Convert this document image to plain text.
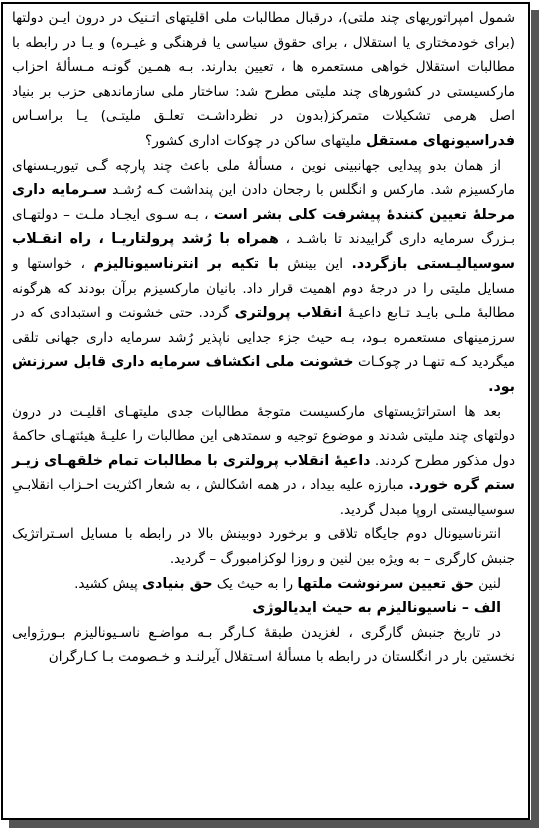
شمول امپراتوریهای چند ملتی)، درقبال مطالبات ملی اقلیتهای اتـنیک در درون ایـن دولتها (برای خودمختاری یا استقلال ، برای حقوق سیاسی یا فرهنگی و غیـره) و یـا در رابطه با مطالبات استقلال خواهی مستعمره ها ، تعیین بدارند. بـه همـین گونـه مـسألهٔ احزاب مارکسیستی در کشورهای چند ملیتی مطرح شد: ساختار ملی سازماندهی حزب بر بنیاد اصل هرمی تشکیلات متمرکز(بدون در نظرداشـت تعلـق ملیتـی) یـا براسـاس فدراسیونهای مستقل ملیتهای ساکن در چوکات اداری کشور؟

از همان بدو پیدایی جهانبینی نوین ، مسألهٔ ملی باعث چند پارچه گـی تیوریـسنهای مارکسیزم شد. مارکس و انگلس با رجحان دادن این پنداشت کـه رُشـد سـرمایه داری مرحلهٔ تعیین کنندهٔ پیشرفت کلی بشر است ، بـه سـوی ایجـاد ملـت – دولتهـای بـزرگ سرمایه داری گراییدند تا باشـد ، همراه با رُشد پرولتاریـا ، راه انقـلاب سوسیالیـستی بازگردد. این بینش با تکیه بر انترناسیونالیزم ، خواستها و مسایل ملیتی را در درجهٔ دوم اهمیت قرار داد. بانیان مارکسیزم برآن بودند که هرگونه مطالبهٔ ملـی بایـد تـابع داعیـهٔ انقلاب پرولتری گردد. حتی خشونت و استبدادی که در سرزمینهای مستعمره بـود، بـه حیث جزء جدایی ناپذیر رُشد سرمایه داری جهانی تلقی میگردید کـه تنهـا در چوکـات خشونت ملی انکشاف سرمایه داری قابل سرزنش بود.

بعد ها استراتژیستهای مارکسیست متوجهٔ مطالبات جدی ملیتهـای اقلیـت در درون دولتهای چند ملیتی شدند و موضوع توجیه و سمتدهی این مطالبات را علیـهٔ هیئتهـای حاکمهٔ دول مذکور مطرح کردند. داعیهٔ انقلاب پرولتری با مطالبات تمام خلقهـای زیـر ستم گره خورد. مبارزه علیه بیداد ، در همه اشکالش ، به شعار اکثریت احـزاب انقلابـیِ سوسیالیستی اروپا مبدل گردید.

انترناسیونال دوم جایگاه تلاقی و برخورد دوبینش بالا در رابطه با مسایل اسـتراتژیک جنبش کارگری – به ویژه بین لنین و روزا لوکزامبورگ – گردید.

لنین حق تعیین سرنوشت ملتها را به حیث یک حق بنیادی پیش کشید.

الف – ناسیونالیزم به حیث ایدیالوژی

در تاریخ جنبش گارگری ، لغزیدن طبقهٔ کـارگر بـه مواضـع ناسـیونالیزم بـورژوایی نخستین بار در انگلستان در رابطه با مسألهٔ اسـتقلال آیرلنـد و خـصومت بـا کـارگران
